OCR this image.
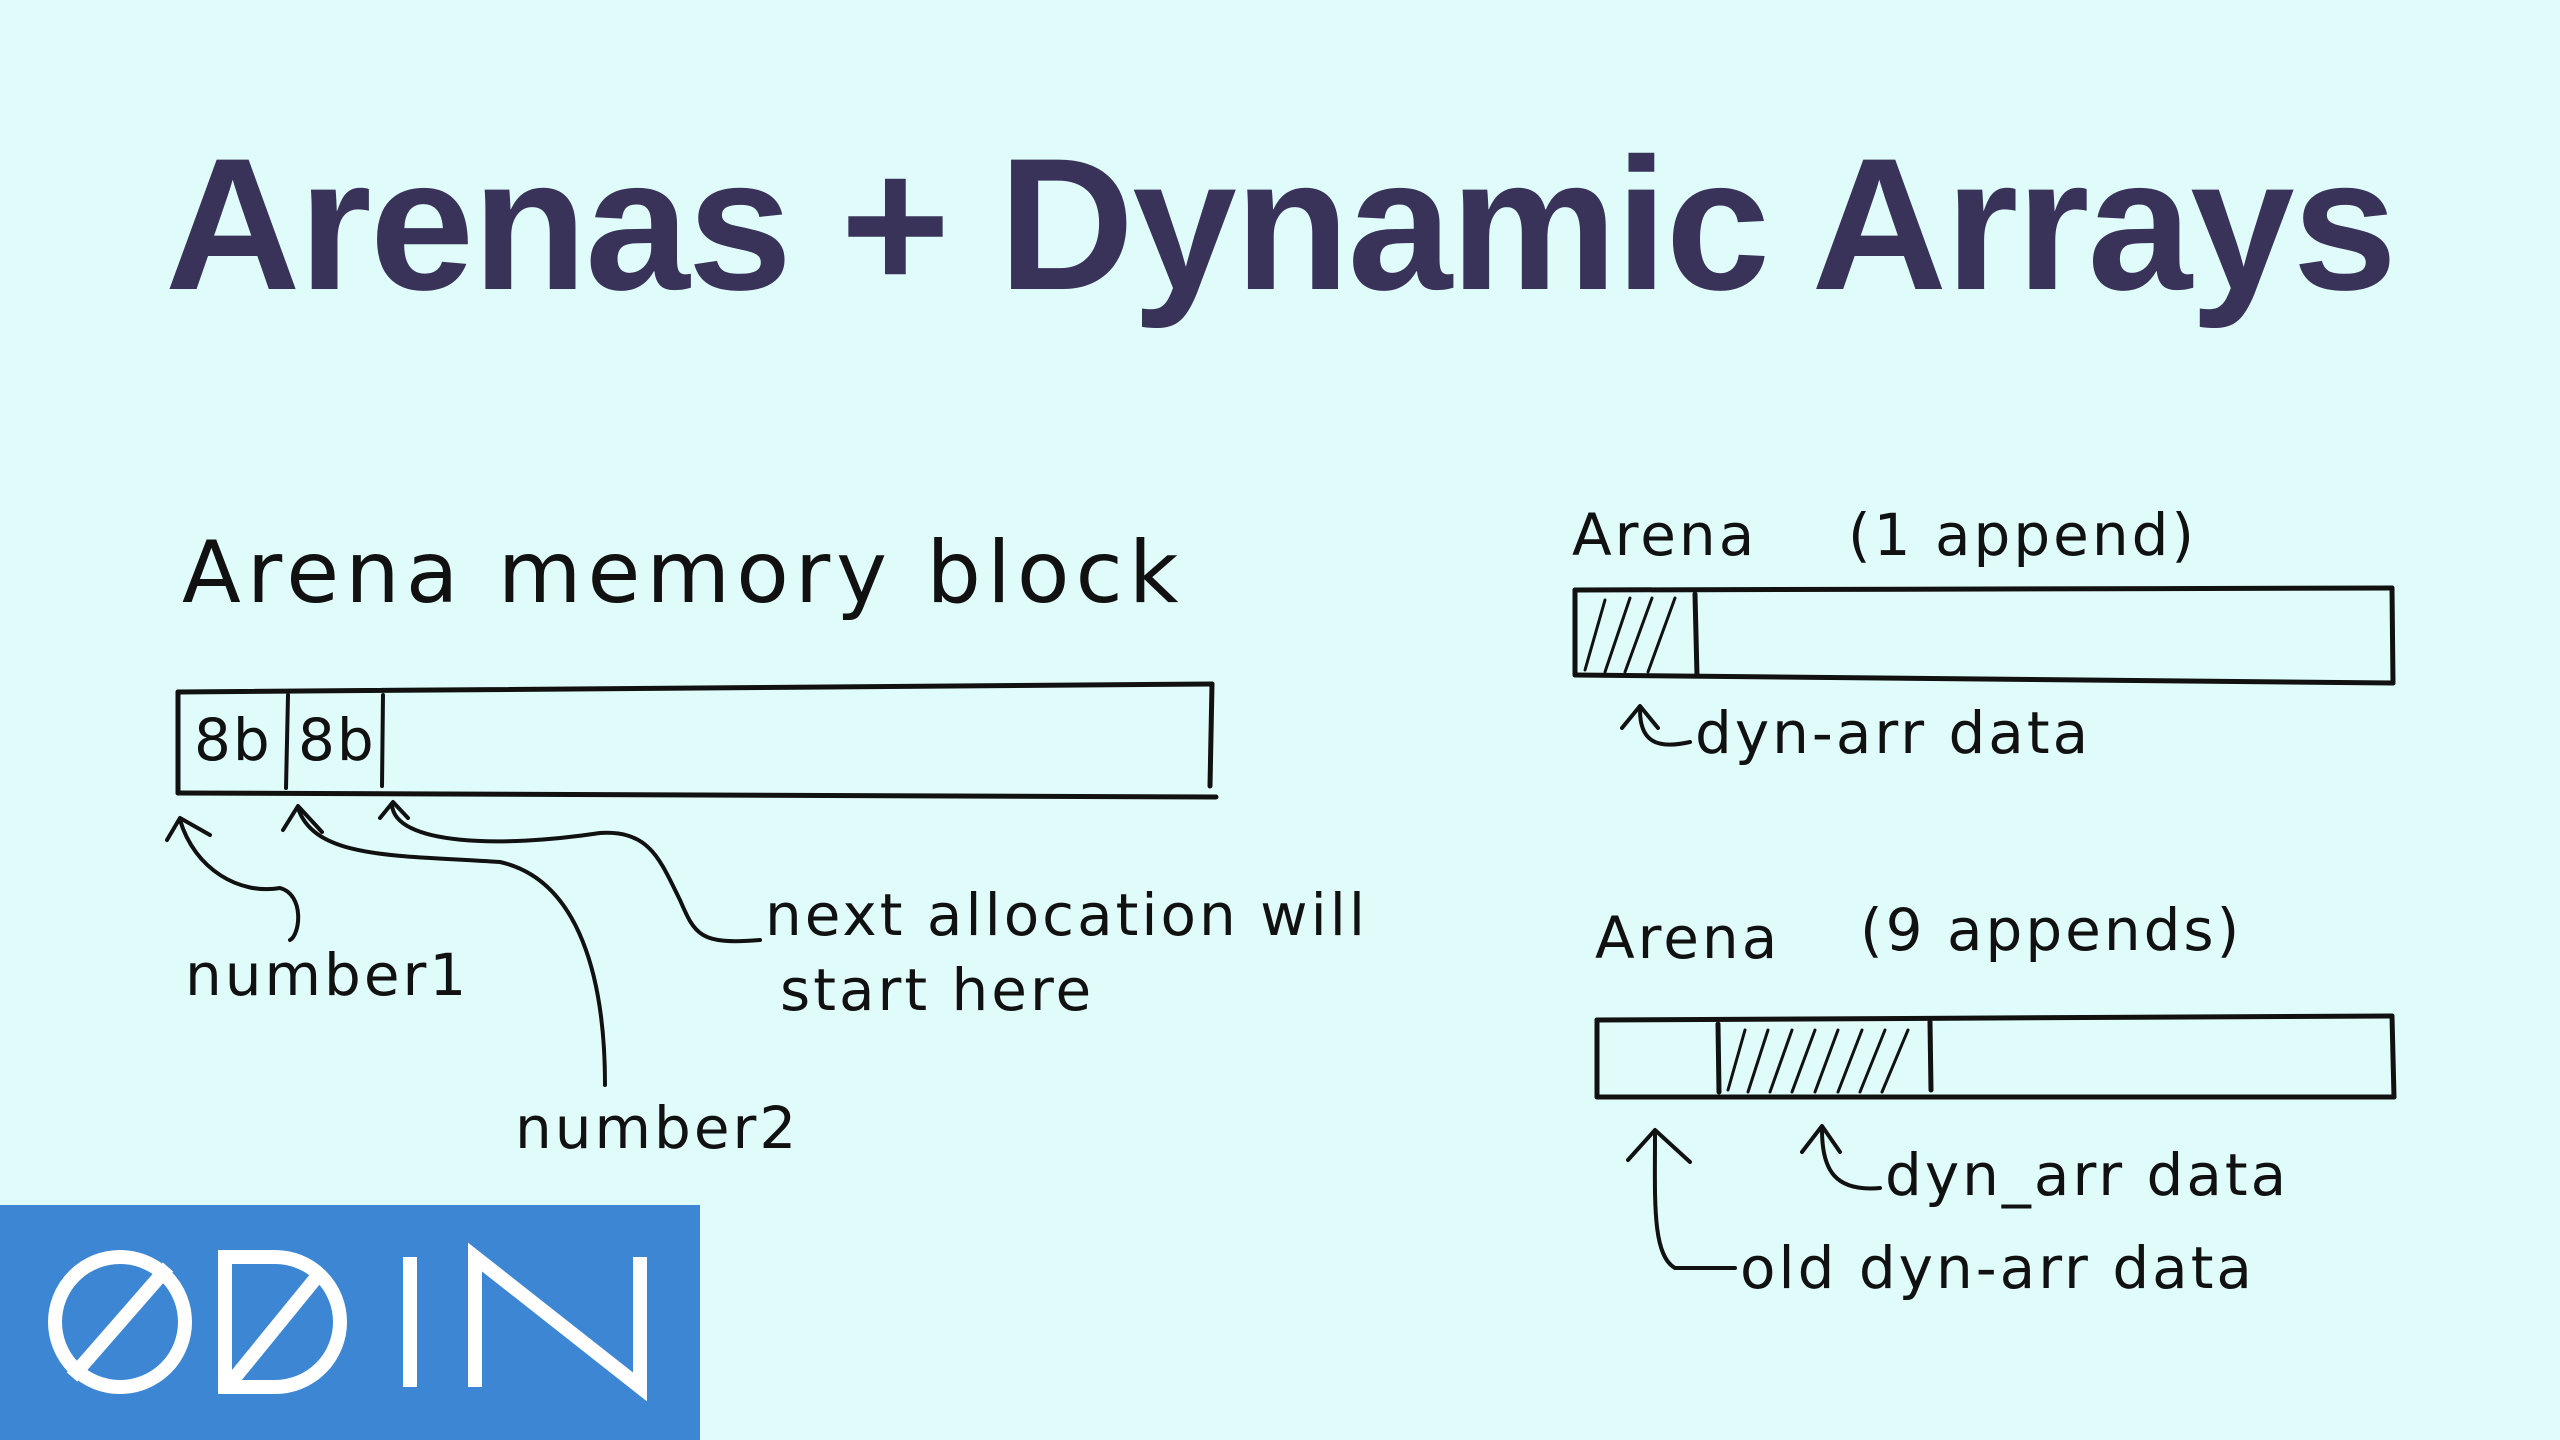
Arenas + Dynamic Arrays
Arena memory block
8b 8b
number1
number2
next allocation will
start here
Arena (1 append)
dyn-arr data
Arena (9 appends)
dyn_arr data
old dyn-arr data
